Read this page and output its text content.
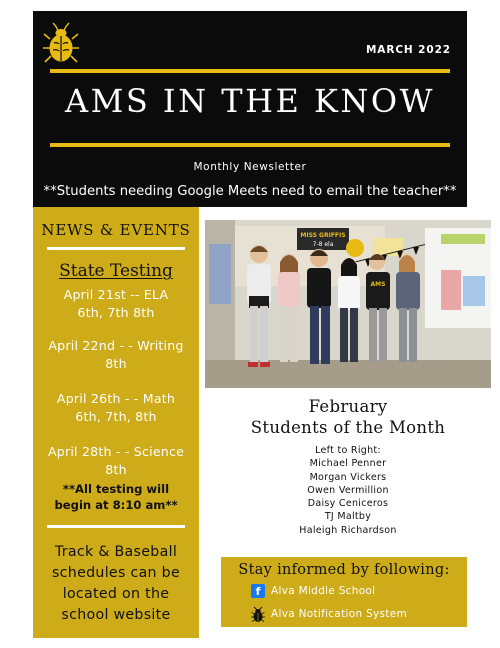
MARCH 2022
AMS IN THE KNOW
Monthly Newsletter
**Students needing Google Meets need to email the teacher**
NEWS & EVENTS
State Testing
April 21st -- ELA
6th, 7th 8th
April 22nd - - Writing
8th
April 26th - - Math
6th, 7th, 8th
April 28th - - Science
8th
**All testing will
begin at 8:10 am**
Track & Baseball
schedules can be
located on the
school website
MISS GRIFFIS
7-8 ela
AMS
February
Students of the Month
Left to Right:
Michael Penner
Morgan Vickers
Owen Vermillion
Daisy Ceniceros
TJ Maltby
Haleigh Richardson
Stay informed by following:
f	Alva Middle School
Alva Notification System
